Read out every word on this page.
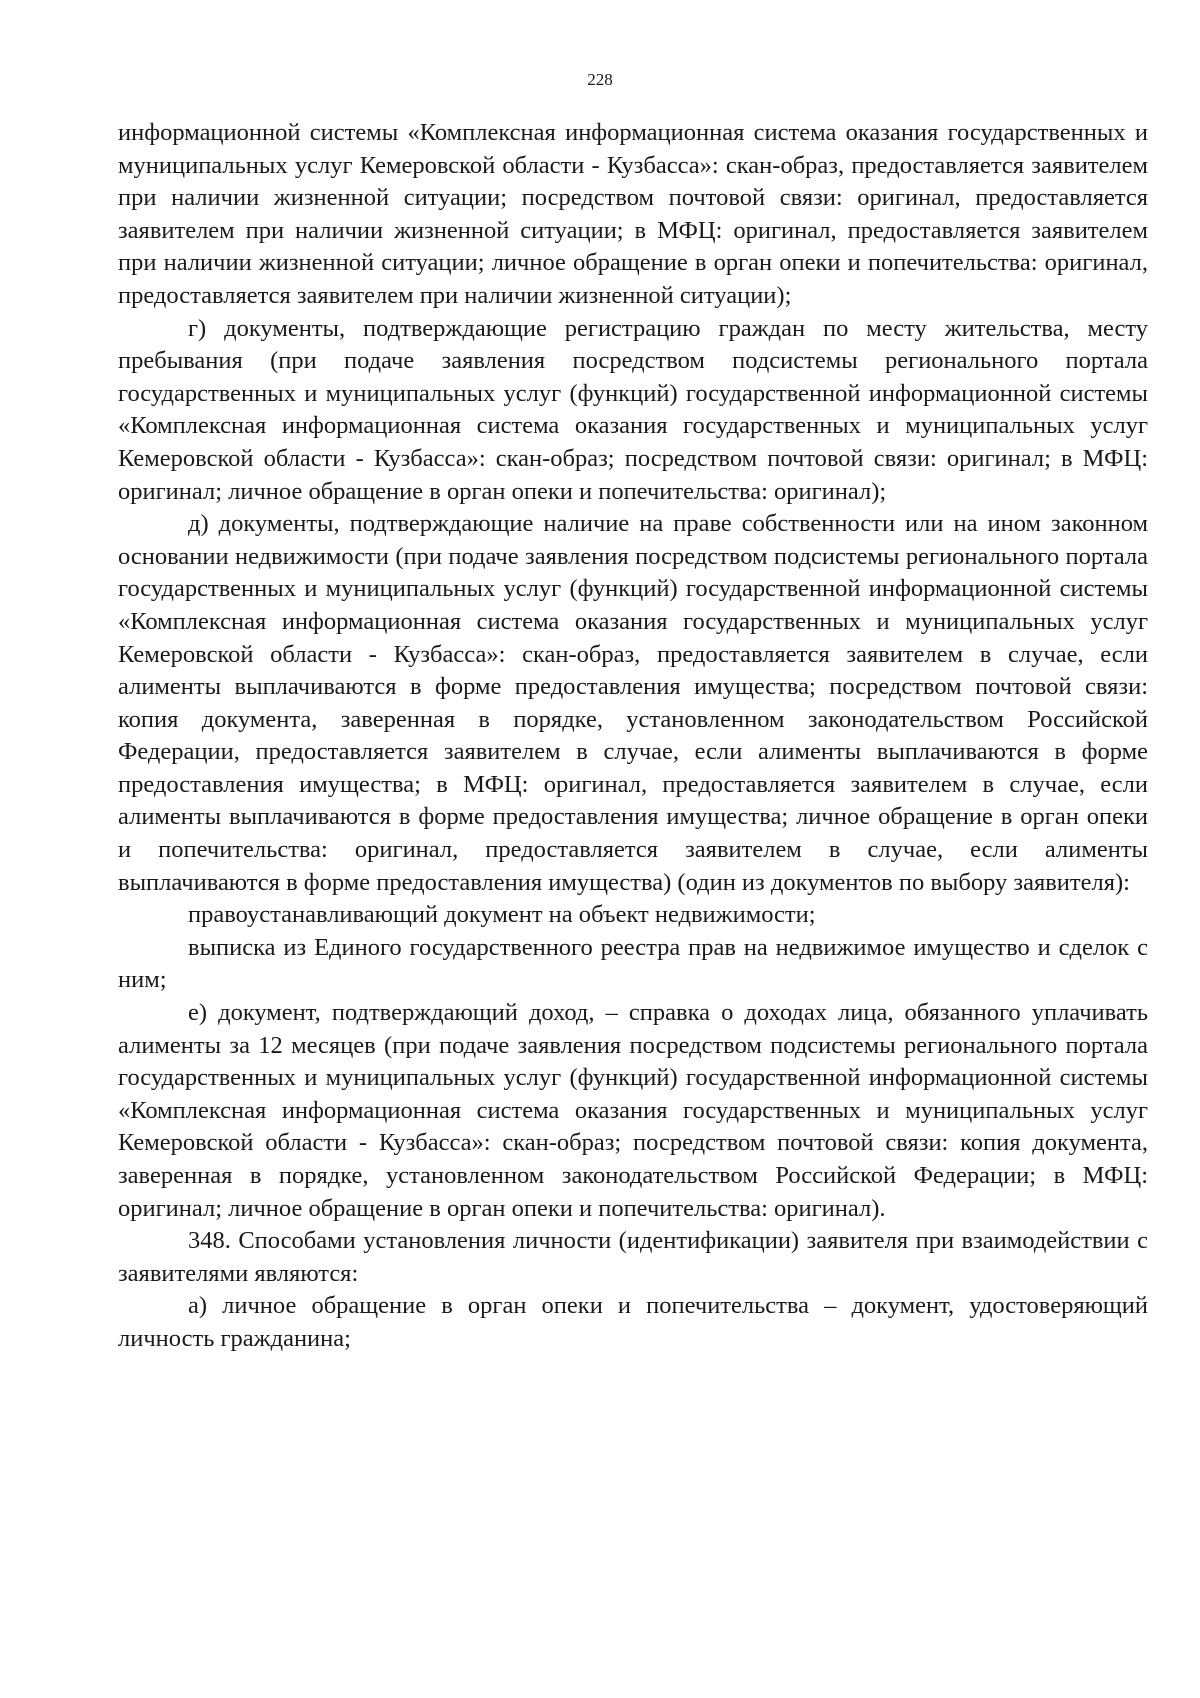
228

информационной системы «Комплексная информационная система оказания государственных и муниципальных услуг Кемеровской области - Кузбасса»: скан-образ, предоставляется заявителем при наличии жизненной ситуации; посредством почтовой связи: оригинал, предоставляется заявителем при наличии жизненной ситуации; в МФЦ: оригинал, предоставляется заявителем при наличии жизненной ситуации; личное обращение в орган опеки и попечительства: оригинал, предоставляется заявителем при наличии жизненной ситуации);

г) документы, подтверждающие регистрацию граждан по месту жительства, месту пребывания (при подаче заявления посредством подсистемы регионального портала государственных и муниципальных услуг (функций) государственной информационной системы «Комплексная информационная система оказания государственных и муниципальных услуг Кемеровской области - Кузбасса»: скан-образ; посредством почтовой связи: оригинал; в МФЦ: оригинал; личное обращение в орган опеки и попечительства: оригинал);

д) документы, подтверждающие наличие на праве собственности или на ином законном основании недвижимости (при подаче заявления посредством подсистемы регионального портала государственных и муниципальных услуг (функций) государственной информационной системы «Комплексная информационная система оказания государственных и муниципальных услуг Кемеровской области - Кузбасса»: скан-образ, предоставляется заявителем в случае, если алименты выплачиваются в форме предоставления имущества; посредством почтовой связи: копия документа, заверенная в порядке, установленном законодательством Российской Федерации, предоставляется заявителем в случае, если алименты выплачиваются в форме предоставления имущества; в МФЦ: оригинал, предоставляется заявителем в случае, если алименты выплачиваются в форме предоставления имущества; личное обращение в орган опеки и попечительства: оригинал, предоставляется заявителем в случае, если алименты выплачиваются в форме предоставления имущества) (один из документов по выбору заявителя):

правоустанавливающий документ на объект недвижимости;

выписка из Единого государственного реестра прав на недвижимое имущество и сделок с ним;

е) документ, подтверждающий доход, – справка о доходах лица, обязанного уплачивать алименты за 12 месяцев (при подаче заявления посредством подсистемы регионального портала государственных и муниципальных услуг (функций) государственной информационной системы «Комплексная информационная система оказания государственных и муниципальных услуг Кемеровской области - Кузбасса»: скан-образ; посредством почтовой связи: копия документа, заверенная в порядке, установленном законодательством Российской Федерации; в МФЦ: оригинал; личное обращение в орган опеки и попечительства: оригинал).

348. Способами установления личности (идентификации) заявителя при взаимодействии с заявителями являются:

а) личное обращение в орган опеки и попечительства – документ, удостоверяющий личность гражданина;
